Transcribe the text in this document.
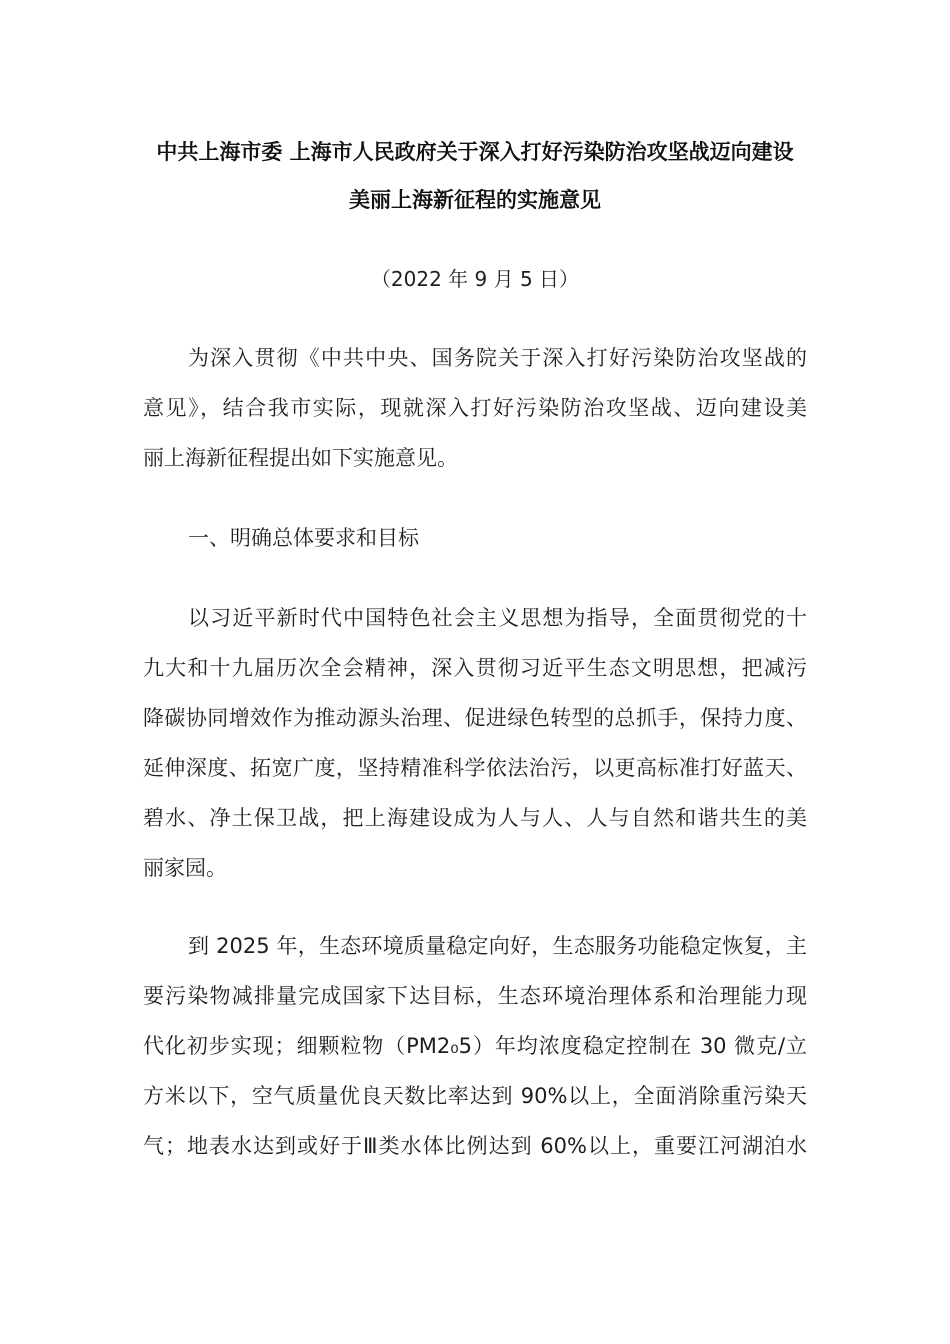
中共上海市委 上海市人民政府关于深入打好污染防治攻坚战迈向建设
美丽上海新征程的实施意见
（2022 年 9 月 5 日）
为深入贯彻《中共中央、国务院关于深入打好污染防治攻坚战的
意见》，结合我市实际，现就深入打好污染防治攻坚战、迈向建设美
丽上海新征程提出如下实施意见。
一、明确总体要求和目标
以习近平新时代中国特色社会主义思想为指导，全面贯彻党的十
九大和十九届历次全会精神，深入贯彻习近平生态文明思想，把减污
降碳协同增效作为推动源头治理、促进绿色转型的总抓手，保持力度、
延伸深度、拓宽广度，坚持精准科学依法治污，以更高标准打好蓝天、
碧水、净土保卫战，把上海建设成为人与人、人与自然和谐共生的美
丽家园。
到 2025 年，生态环境质量稳定向好，生态服务功能稳定恢复，主
要污染物减排量完成国家下达目标，生态环境治理体系和治理能力现
代化初步实现；细颗粒物（PM2₀5）年均浓度稳定控制在 30 微克/立
方米以下，空气质量优良天数比率达到 90%以上，全面消除重污染天
气；地表水达到或好于Ⅲ类水体比例达到 60%以上，重要江河湖泊水
